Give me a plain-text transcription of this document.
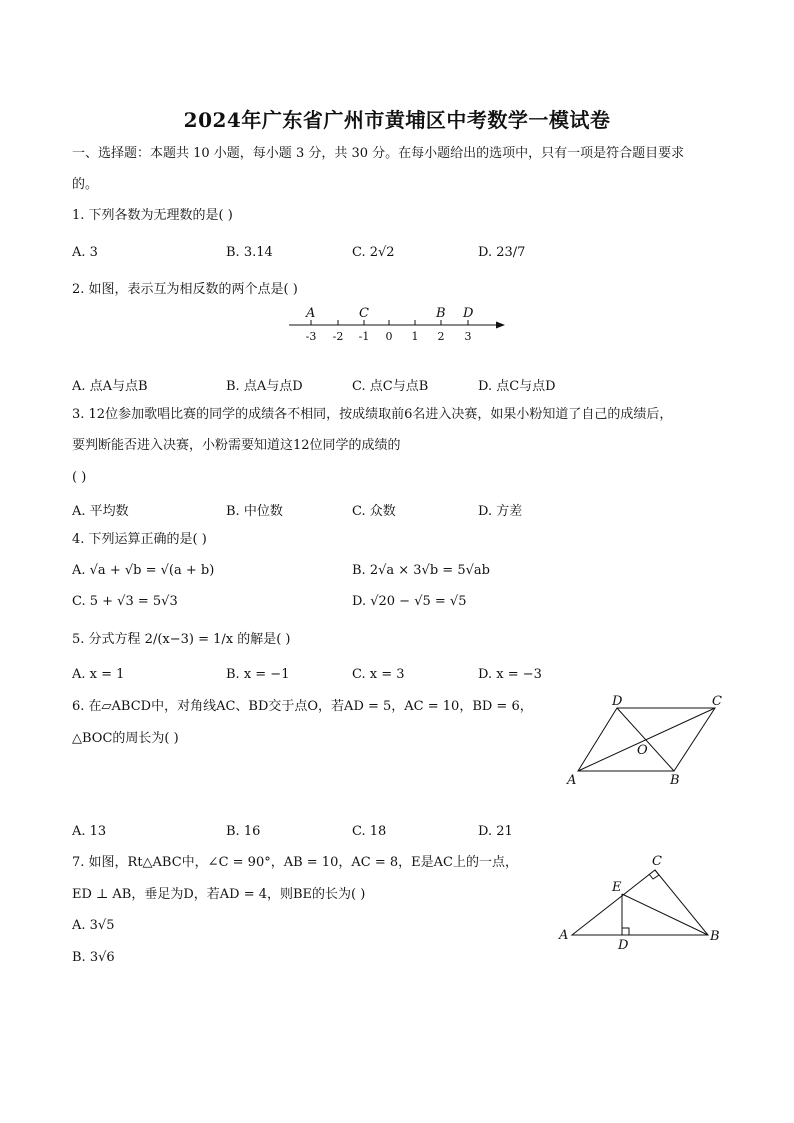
2024年广东省广州市黄埔区中考数学一模试卷
一、选择题：本题共 10 小题，每小题 3 分，共 30 分。在每小题给出的选项中，只有一项是符合题目要求
的。
1. 下列各数为无理数的是( )
A. 3	B. 3.14	C. 2√2	D. 23/7
2. 如图，表示互为相反数的两个点是( )
A	C	B D
-3 -2 -1 0 1 2 3
A. 点A与点B	B. 点A与点D	C. 点C与点B	D. 点C与点D
3. 12位参加歌唱比赛的同学的成绩各不相同，按成绩取前6名进入决赛，如果小粉知道了自己的成绩后，
要判断能否进入决赛，小粉需要知道这12位同学的成绩的
( )
A. 平均数	B. 中位数	C. 众数	D. 方差
4. 下列运算正确的是( )
A. √a + √b = √(a + b)	B. 2√a × 3√b = 5√ab
C. 5 + √3 = 5√3	D. √20 − √5 = √5
5. 分式方程 2/(x−3) = 1/x 的解是( )
A. x = 1	B. x = −1	C. x = 3	D. x = −3
6. 在▱ABCD中，对角线AC、BD交于点O，若AD = 5，AC = 10，BD = 6，
△BOC的周长为( )
D	C
O
A	B
A. 13	B. 16	C. 18	D. 21
7. 如图，Rt△ABC中，∠C = 90°，AB = 10，AC = 8，E是AC上的一点，
ED ⊥ AB，垂足为D，若AD = 4，则BE的长为( )
C
E
A
D
B
A. 3√5
B. 3√6
